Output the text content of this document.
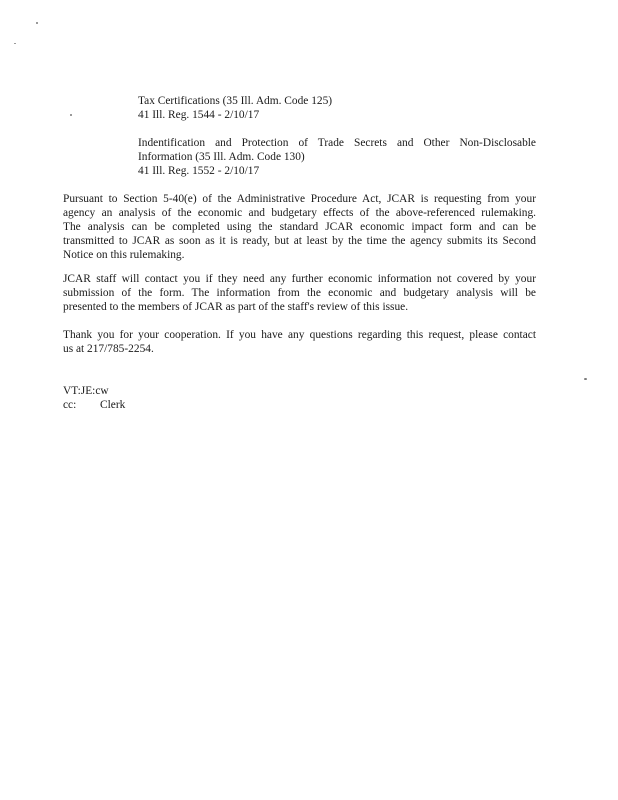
Tax Certifications (35 Ill. Adm. Code 125)
41 Ill. Reg. 1544 - 2/10/17
Indentification and Protection of Trade Secrets and Other Non-Disclosable
Information (35 Ill. Adm. Code 130)
41 Ill. Reg. 1552 - 2/10/17
Pursuant to Section 5-40(e) of the Administrative Procedure Act, JCAR is requesting from your
agency an analysis of the economic and budgetary effects of the above-referenced rulemaking.
The analysis can be completed using the standard JCAR economic impact form and can be
transmitted to JCAR as soon as it is ready, but at least by the time the agency submits its Second
Notice on this rulemaking.
JCAR staff will contact you if they need any further economic information not covered by your
submission of the form. The information from the economic and budgetary analysis will be
presented to the members of JCAR as part of the staff's review of this issue.
Thank you for your cooperation. If you have any questions regarding this request, please contact
us at 217/785-2254.
VT:JE:cw
cc: Clerk
